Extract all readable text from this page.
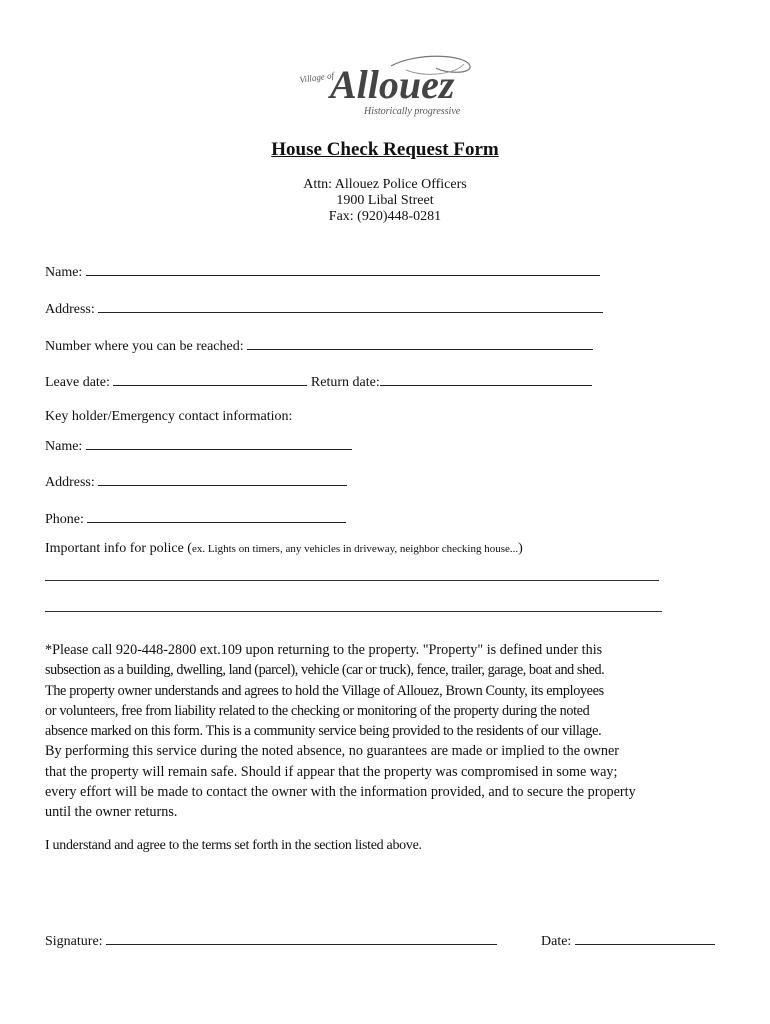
Village of
Allouez
Historically progressive
House Check Request Form
Attn: Allouez Police Officers
1900 Libal Street
Fax: (920)448-0281
Name:
Address:
Number where you can be reached:
Leave date:	Return date:
Key holder/Emergency contact information:
Name:
Address:
Phone:
Important info for police (ex. Lights on timers, any vehicles in driveway, neighbor checking house...)

*Please call 920-448-2800 ext.109 upon returning to the property. "Property" is defined under this

subsection as a building, dwelling, land (parcel), vehicle (car or truck), fence, trailer, garage, boat and shed.

The property owner understands and agrees to hold the Village of Allouez, Brown County, its employees

or volunteers, free from liability related to the checking or monitoring of the property during the noted

absence marked on this form. This is a community service being provided to the residents of our village.

By performing this service during the noted absence, no guarantees are made or implied to the owner

that the property will remain safe. Should if appear that the property was compromised in some way;

every effort will be made to contact the owner with the information provided, and to secure the property

until the owner returns.

I understand and agree to the terms set forth in the section listed above.
Signature:	Date:
